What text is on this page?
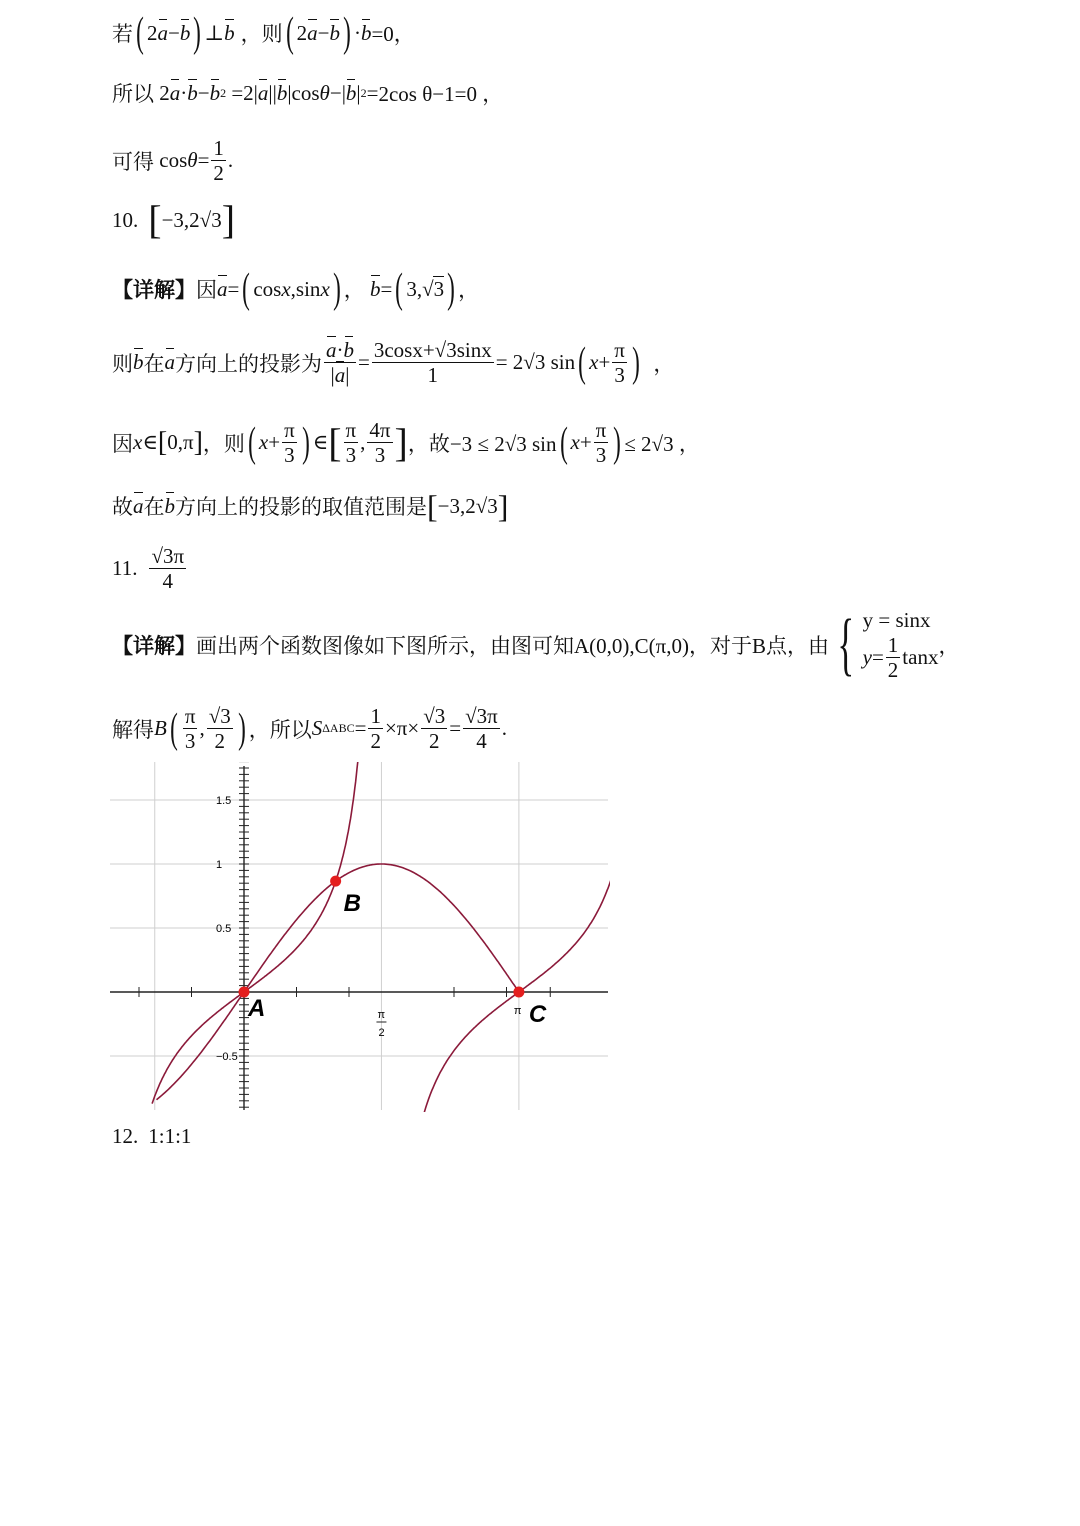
若 ( 2 a − b ) ⊥ b ，则 ( 2 a − b ) · b =0，
所以 2 a · b − b 2 =2| a || b |cos θ −| b | 2 = 2cos θ−1=0 ，
可得
$\cos \theta = \frac{1}{2}$ .
10. [ −3,2√3 ]
【详解】 因 a = ( cos x ,sin x ) ， b = ( 3,√ 3 ) ，
则 b 在 a 方向上的投影为 $\frac{a\cdot b}{|a|} = \frac{3\cos x+√3\sin x}{1} = 2√3$ sin ( $x + \frac{\pi}{3}$ ) ，
因 x ∈ [ 0,π ] ， 则 ( $x + \frac{\pi}{3}$ ) ∈ [ $\frac{\pi}{3}$ , $\frac{4\pi}{3}$ ] ， 故−3 ≤ 2√3 sin ( $x + \frac{\pi}{3}$ ) ≤ 2√3 ，
故 a 在 b 方向上的投影的取值范围是 [ −3,2√3 ]
11. $\frac{√3\pi}{4}$
【详解】 画出两个函数图像如下图所示，由图可知 A(0,0),C(π,0)，对于B点，由 { y = sinx
$y = \frac{1}{2}$ tanx ，
解得 B ( $\frac{\pi}{3}$ , $\frac{√3}{2}$ ) ，所以 S $\Delta ABC = \frac{1}{2} \times\pi\times \frac{√3}{2} = \frac{√3\pi}{4}$ .
1.5
1
0.5
−0.5
π
2
π
A
B
C
12. 1:1:1
